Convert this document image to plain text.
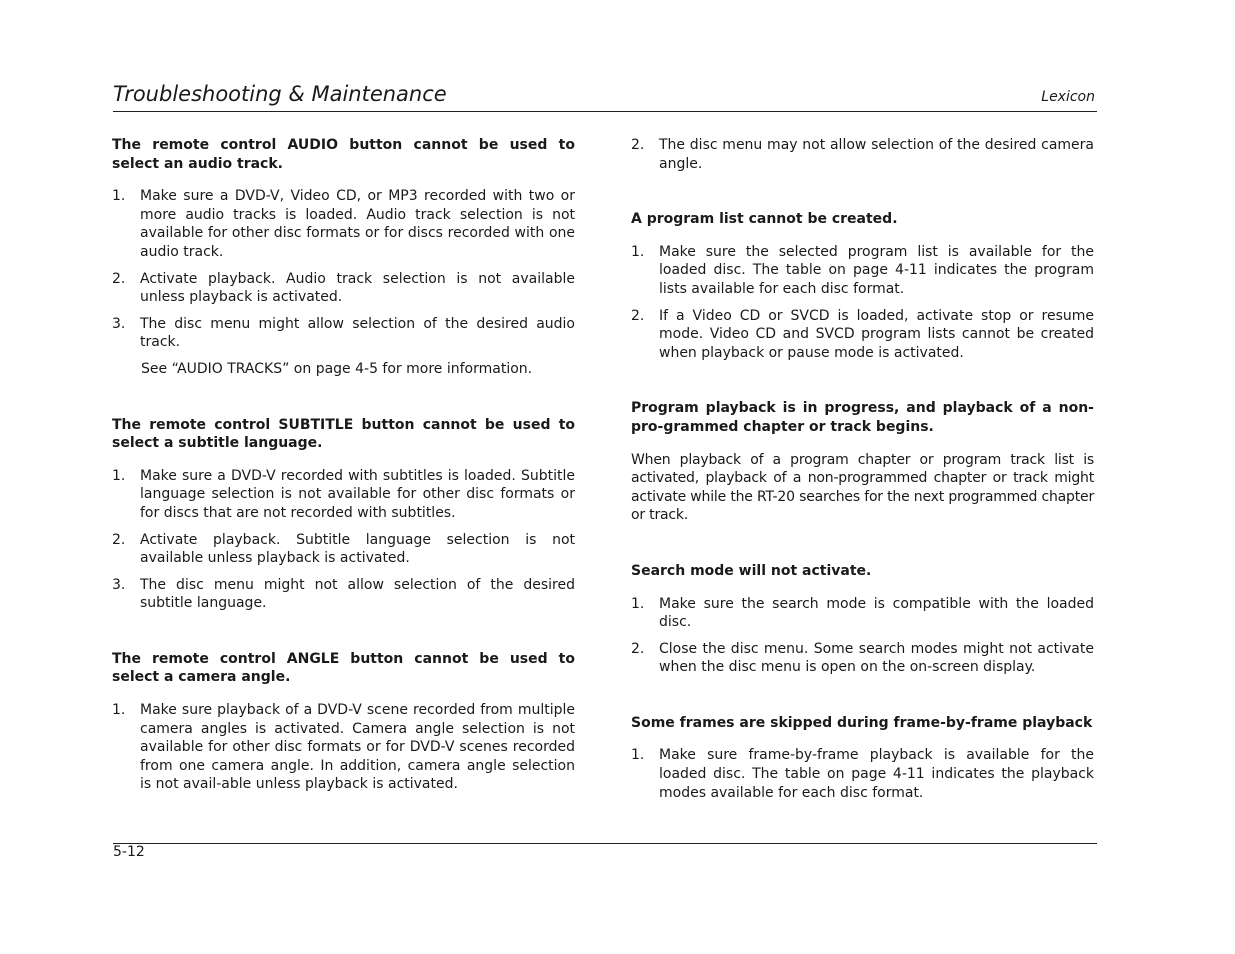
Troubleshooting & Maintenance	Lexicon

The remote control AUDIO button cannot be used to select an audio track.

1. Make sure a DVD-V, Video CD, or MP3 recorded with two or more audio tracks is loaded. Audio track selection is not available for other disc formats or for discs recorded with one audio track.
2. Activate playback. Audio track selection is not available unless playback is activated.
3. The disc menu might allow selection of the desired audio track.

See “AUDIO TRACKS” on page 4-5 for more information.

The remote control SUBTITLE button cannot be used to select a subtitle language.

1. Make sure a DVD-V recorded with subtitles is loaded. Subtitle language selection is not available for other disc formats or for discs that are not recorded with subtitles.
2. Activate playback. Subtitle language selection is not available unless playback is activated.
3. The disc menu might not allow selection of the desired subtitle language.

The remote control ANGLE button cannot be used to select a camera angle.

1. Make sure playback of a DVD-V scene recorded from multiple camera angles is activated. Camera angle selection is not available for other disc formats or for DVD-V scenes recorded from one camera angle. In addition, camera angle selection is not avail-able unless playback is activated.
2. The disc menu may not allow selection of the desired camera angle.

A program list cannot be created.

1. Make sure the selected program list is available for the loaded disc. The table on page 4-11 indicates the program lists available for each disc format.
2. If a Video CD or SVCD is loaded, activate stop or resume mode. Video CD and SVCD program lists cannot be created when playback or pause mode is activated.

Program playback is in progress, and playback of a non-pro-grammed chapter or track begins.

When playback of a program chapter or program track list is activated, playback of a non-programmed chapter or track might activate while the RT-20 searches for the next programmed chapter or track.

Search mode will not activate.

1. Make sure the search mode is compatible with the loaded disc.
2. Close the disc menu. Some search modes might not activate when the disc menu is open on the on-screen display.

Some frames are skipped during frame-by-frame playback

1. Make sure frame-by-frame playback is available for the loaded disc. The table on page 4-11 indicates the playback modes available for each disc format.
5-12
